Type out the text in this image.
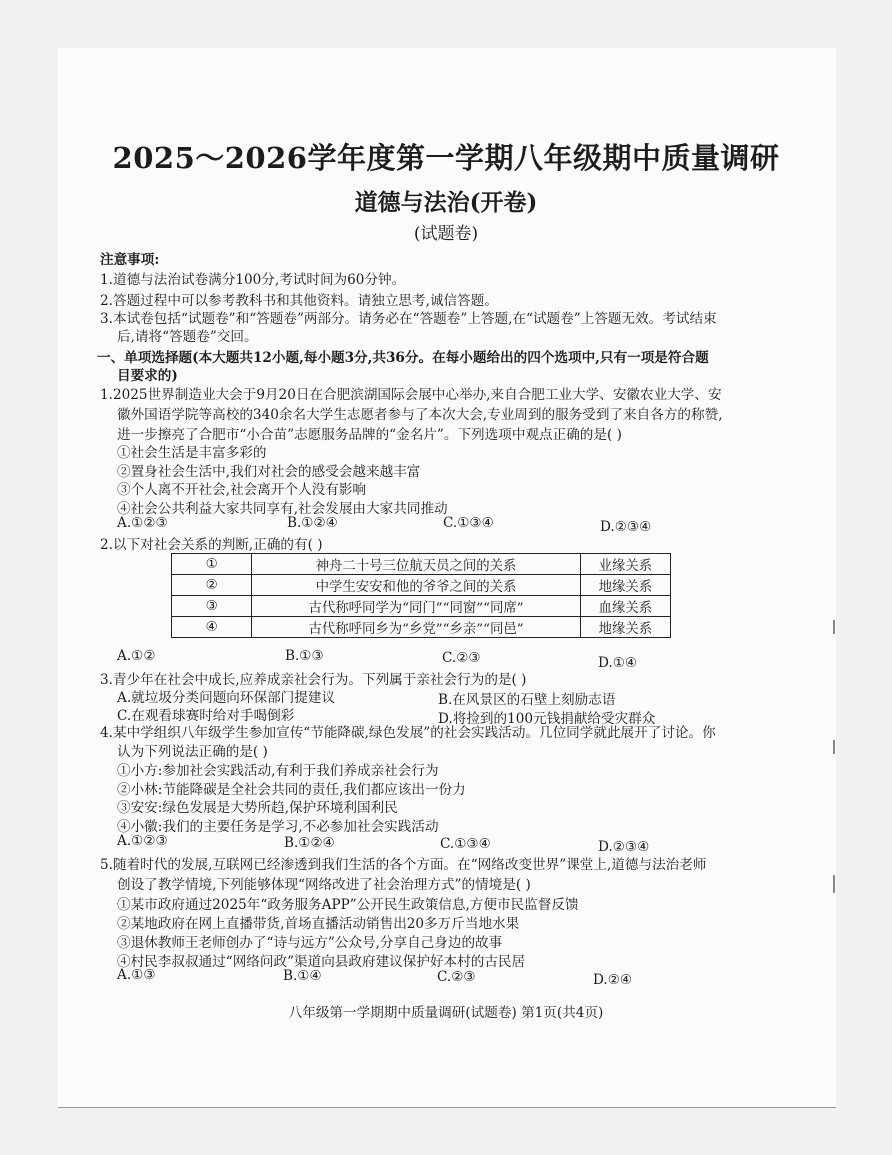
2025～2026学年度第一学期八年级期中质量调研
道德与法治(开卷)
(试题卷)
注意事项:
1.道德与法治试卷满分100分,考试时间为60分钟。
2.答题过程中可以参考教科书和其他资料。请独立思考,诚信答题。
3.本试卷包括“试题卷”和“答题卷”两部分。请务必在“答题卷”上答题,在“试题卷”上答题无效。考试结束
后,请将“答题卷”交回。
一、单项选择题(本大题共12小题,每小题3分,共36分。在每小题给出的四个选项中,只有一项是符合题
目要求的)
1.2025世界制造业大会于9月20日在合肥滨湖国际会展中心举办,来自合肥工业大学、安徽农业大学、安
徽外国语学院等高校的340余名大学生志愿者参与了本次大会,专业周到的服务受到了来自各方的称赞,
进一步擦亮了合肥市“小合苗”志愿服务品牌的“金名片”。下列选项中观点正确的是( )
①社会生活是丰富多彩的
②置身社会生活中,我们对社会的感受会越来越丰富
③个人离不开社会,社会离开个人没有影响
④社会公共利益大家共同享有,社会发展由大家共同推动
A.①②③	B.①②④	C.①③④	D.②③④
2.以下对社会关系的判断,正确的有( )
①	神舟二十号三位航天员之间的关系	业缘关系
②	中学生安安和他的爷爷之间的关系	地缘关系
③	古代称呼同学为“同门”“同窗”“同席”	血缘关系
④	古代称呼同乡为“乡党”“乡亲”“同邑”	地缘关系
A.①②	B.①③	C.②③	D.①④
3.青少年在社会中成长,应养成亲社会行为。下列属于亲社会行为的是( )
A.就垃圾分类问题向环保部门提建议	B.在风景区的石壁上刻励志语
C.在观看球赛时给对手喝倒彩	D.将捡到的100元钱捐献给受灾群众
4.某中学组织八年级学生参加宣传“节能降碳,绿色发展”的社会实践活动。几位同学就此展开了讨论。你
认为下列说法正确的是( )
①小方:参加社会实践活动,有利于我们养成亲社会行为
②小林:节能降碳是全社会共同的责任,我们都应该出一份力
③安安:绿色发展是大势所趋,保护环境利国利民
④小徽:我们的主要任务是学习,不必参加社会实践活动
A.①②③	B.①②④	C.①③④	D.②③④
5.随着时代的发展,互联网已经渗透到我们生活的各个方面。在“网络改变世界”课堂上,道德与法治老师
创设了教学情境,下列能够体现“网络改进了社会治理方式”的情境是( )
①某市政府通过2025年“政务服务APP”公开民生政策信息,方便市民监督反馈
②某地政府在网上直播带货,首场直播活动销售出20多万斤当地水果
③退休教师王老师创办了“诗与远方”公众号,分享自己身边的故事
④村民李叔叔通过“网络问政”渠道向县政府建议保护好本村的古民居
A.①③	B.①④	C.②③	D.②④
八年级第一学期期中质量调研(试题卷) 第1页(共4页)
